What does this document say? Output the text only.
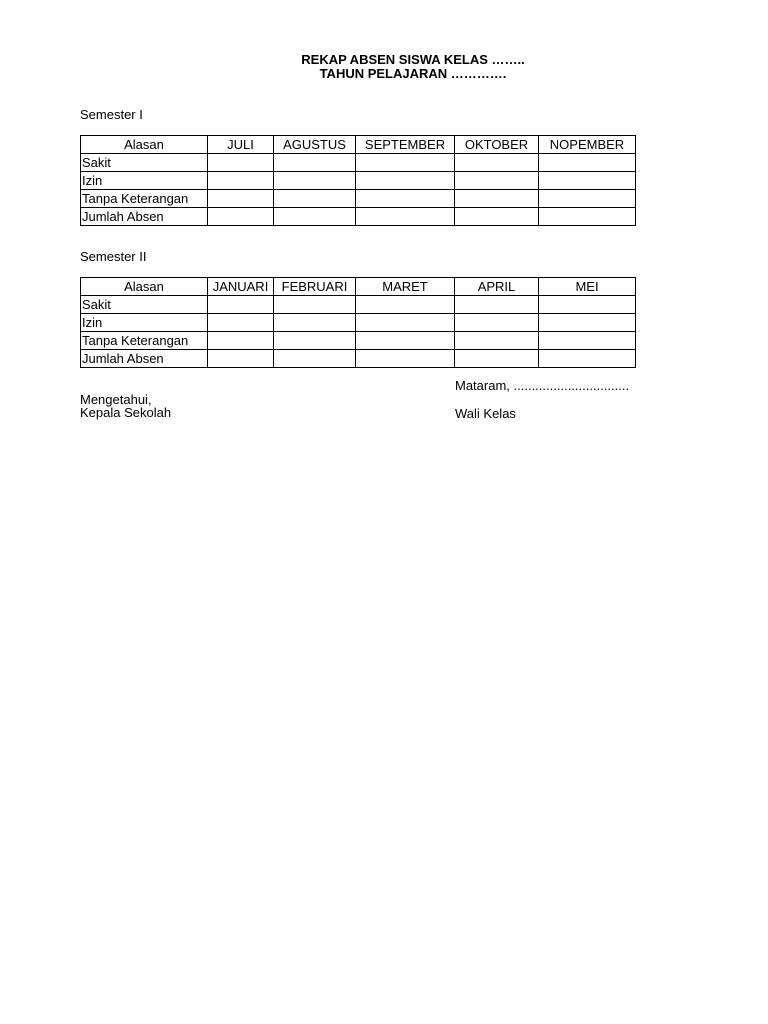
REKAP ABSEN SISWA KELAS ……..
TAHUN PELAJARAN ………….
Semester I
Alasan	JULI	AGUSTUS	SEPTEMBER	OKTOBER	NOPEMBER
Sakit					
Izin					
Tanpa Keterangan					
Jumlah Absen					
Semester II
Alasan	JANUARI	FEBRUARI	MARET	APRIL	MEI
Sakit					
Izin					
Tanpa Keterangan					
Jumlah Absen					
Mataram, ................................
Mengetahui,
Kepala Sekolah	Wali Kelas
